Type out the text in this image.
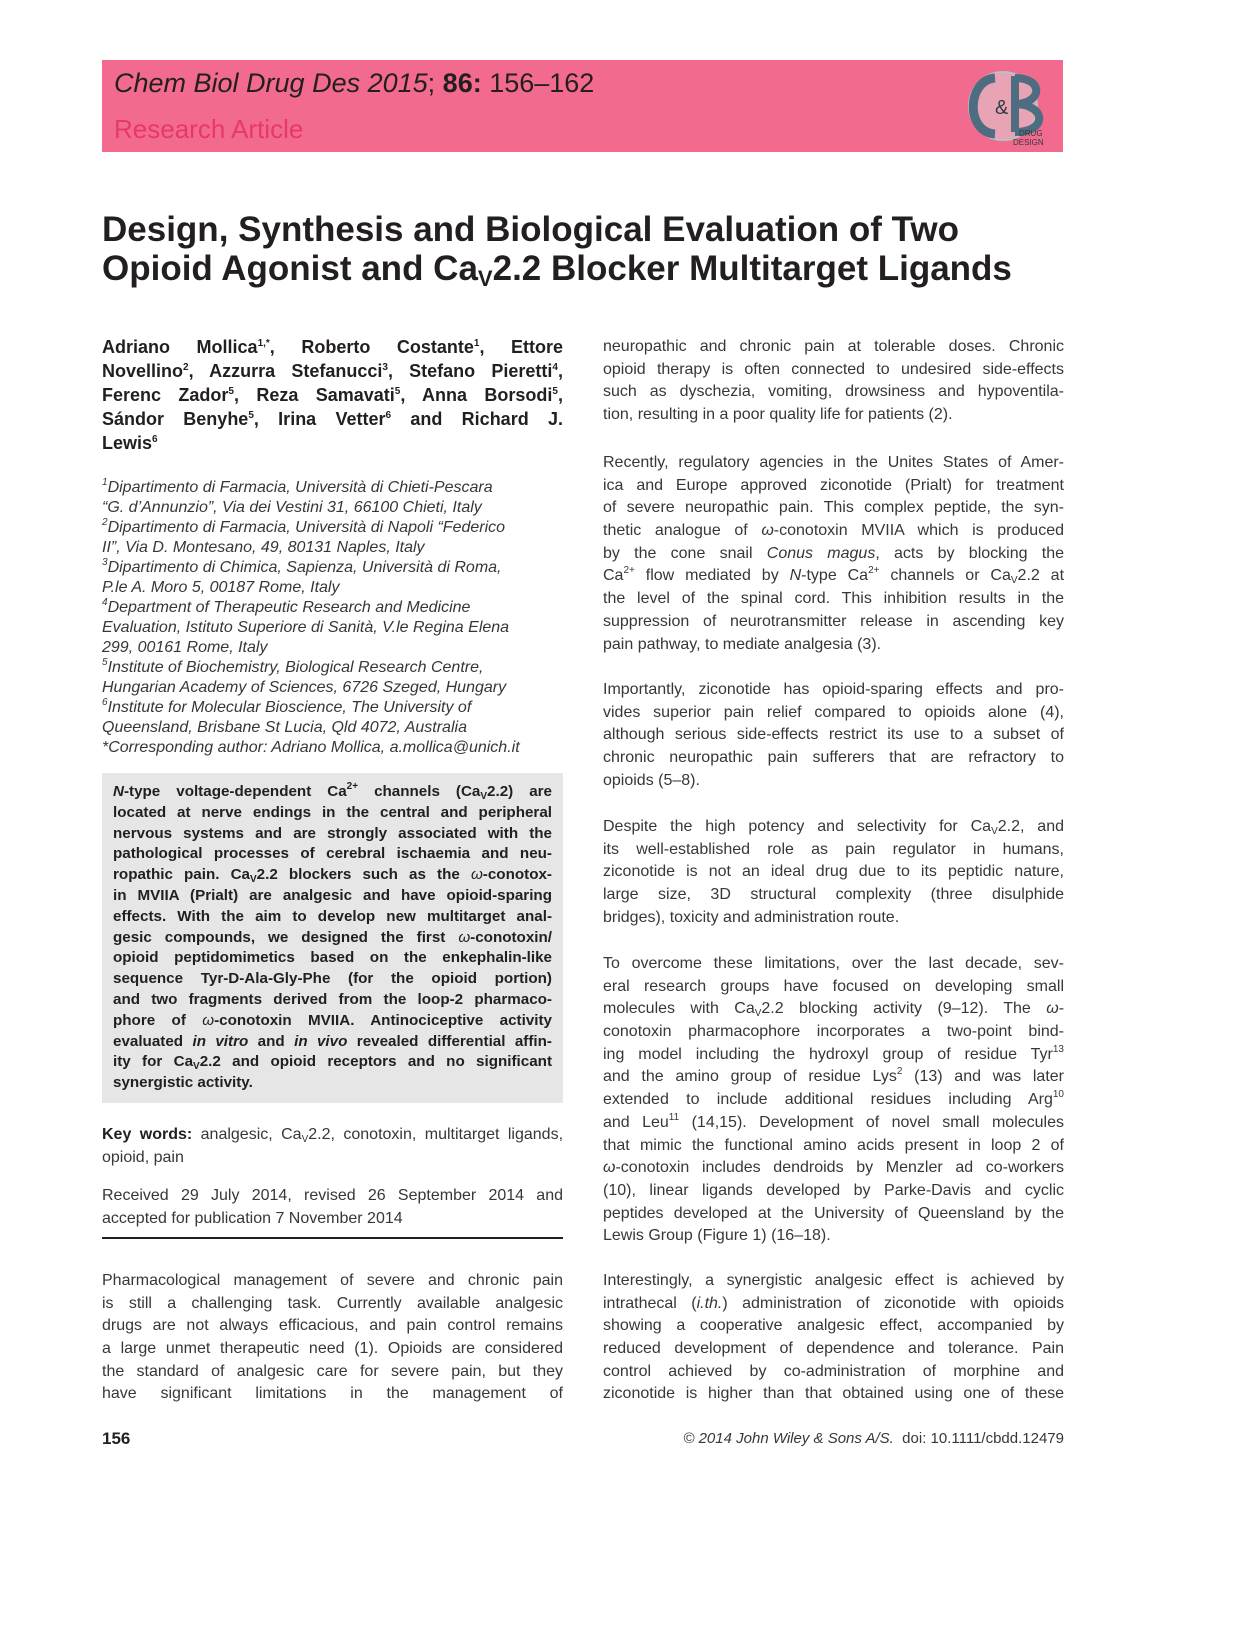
Chem Biol Drug Des 2015; 86: 156–162
Research Article
&
DRUG
DESIGN
Design, Synthesis and Biological Evaluation of Two
Opioid Agonist and $Ca_V2.2$ Blocker Multitarget Ligands
Adriano Mollica$^{1,*}$, Roberto Costante$^1$, Ettore
Novellino$^2$, Azzurra Stefanucci$^3$, Stefano Pieretti$^4$,
Ferenc Zador$^5$, Reza Samavati$^5$, Anna Borsodi$^5$,
Sándor Benyhe$^5$, Irina Vetter$^6$ and Richard J.
Lewis$^6$
$^1$Dipartimento di Farmacia, Università di Chieti-Pescara
“G. d’Annunzio”, Via dei Vestini 31, 66100 Chieti, Italy
$^2$Dipartimento di Farmacia, Università di Napoli “Federico
II”, Via D. Montesano, 49, 80131 Naples, Italy
$^3$Dipartimento di Chimica, Sapienza, Università di Roma,
P.le A. Moro 5, 00187 Rome, Italy
$^4$Department of Therapeutic Research and Medicine
Evaluation, Istituto Superiore di Sanità, V.le Regina Elena
299, 00161 Rome, Italy
$^5$Institute of Biochemistry, Biological Research Centre,
Hungarian Academy of Sciences, 6726 Szeged, Hungary
$^6$Institute for Molecular Bioscience, The University of
Queensland, Brisbane St Lucia, Qld 4072, Australia
*Corresponding author: Adriano Mollica, a.mollica@unich.it
N-type voltage-dependent $Ca^{2+}$ channels $(Ca_V2.2)$ are
located at nerve endings in the central and peripheral
nervous systems and are strongly associated with the
pathological processes of cerebral ischaemia and neu-
ropathic pain. $Ca_V2.2$ blockers such as the ω-conotox-
in MVIIA (Prialt) are analgesic and have opioid-sparing
effects. With the aim to develop new multitarget anal-
gesic compounds, we designed the first ω-conotoxin/
opioid peptidomimetics based on the enkephalin-like
sequence Tyr-D-Ala-Gly-Phe (for the opioid portion)
and two fragments derived from the loop-2 pharmaco-
phore of ω-conotoxin MVIIA. Antinociceptive activity
evaluated in vitro and in vivo revealed differential affin-
ity for $Ca_V2.2$ and opioid receptors and no significant
synergistic activity.
Key words: analgesic, $Ca_V2.2$, conotoxin, multitarget ligands,
opioid, pain
Received 29 July 2014, revised 26 September 2014 and
accepted for publication 7 November 2014
Pharmacological management of severe and chronic pain
is still a challenging task. Currently available analgesic
drugs are not always efficacious, and pain control remains
a large unmet therapeutic need (1). Opioids are considered
the standard of analgesic care for severe pain, but they
have significant limitations in the management of
neuropathic and chronic pain at tolerable doses. Chronic
opioid therapy is often connected to undesired side-effects
such as dyschezia, vomiting, drowsiness and hypoventila-
tion, resulting in a poor quality life for patients (2).
Recently, regulatory agencies in the Unites States of Amer-
ica and Europe approved ziconotide (Prialt) for treatment
of severe neuropathic pain. This complex peptide, the syn-
thetic analogue of ω-conotoxin MVIIA which is produced
by the cone snail Conus magus, acts by blocking the
$Ca^{2+}$ flow mediated by N-type $Ca^{2+}$ channels or $Ca_V2.2$ at
the level of the spinal cord. This inhibition results in the
suppression of neurotransmitter release in ascending key
pain pathway, to mediate analgesia (3).
Importantly, ziconotide has opioid-sparing effects and pro-
vides superior pain relief compared to opioids alone (4),
although serious side-effects restrict its use to a subset of
chronic neuropathic pain sufferers that are refractory to
opioids (5–8).
Despite the high potency and selectivity for $Ca_V2.2$, and
its well-established role as pain regulator in humans,
ziconotide is not an ideal drug due to its peptidic nature,
large size, 3D structural complexity (three disulphide
bridges), toxicity and administration route.
To overcome these limitations, over the last decade, sev-
eral research groups have focused on developing small
molecules with $Ca_V2.2$ blocking activity (9–12). The ω-
conotoxin pharmacophore incorporates a two-point bind-
ing model including the hydroxyl group of residue Tyr$^{13}$
and the amino group of residue Lys$^2$ (13) and was later
extended to include additional residues including Arg$^{10}$
and Leu$^{11}$ (14,15). Development of novel small molecules
that mimic the functional amino acids present in loop 2 of
ω-conotoxin includes dendroids by Menzler ad co-workers
(10), linear ligands developed by Parke-Davis and cyclic
peptides developed at the University of Queensland by the
Lewis Group (Figure 1) (16–18).
Interestingly, a synergistic analgesic effect is achieved by
intrathecal (i.th.) administration of ziconotide with opioids
showing a cooperative analgesic effect, accompanied by
reduced development of dependence and tolerance. Pain
control achieved by co-administration of morphine and
ziconotide is higher than that obtained using one of these
156	© 2014 John Wiley & Sons A/S.  doi: 10.1111/cbdd.12479
